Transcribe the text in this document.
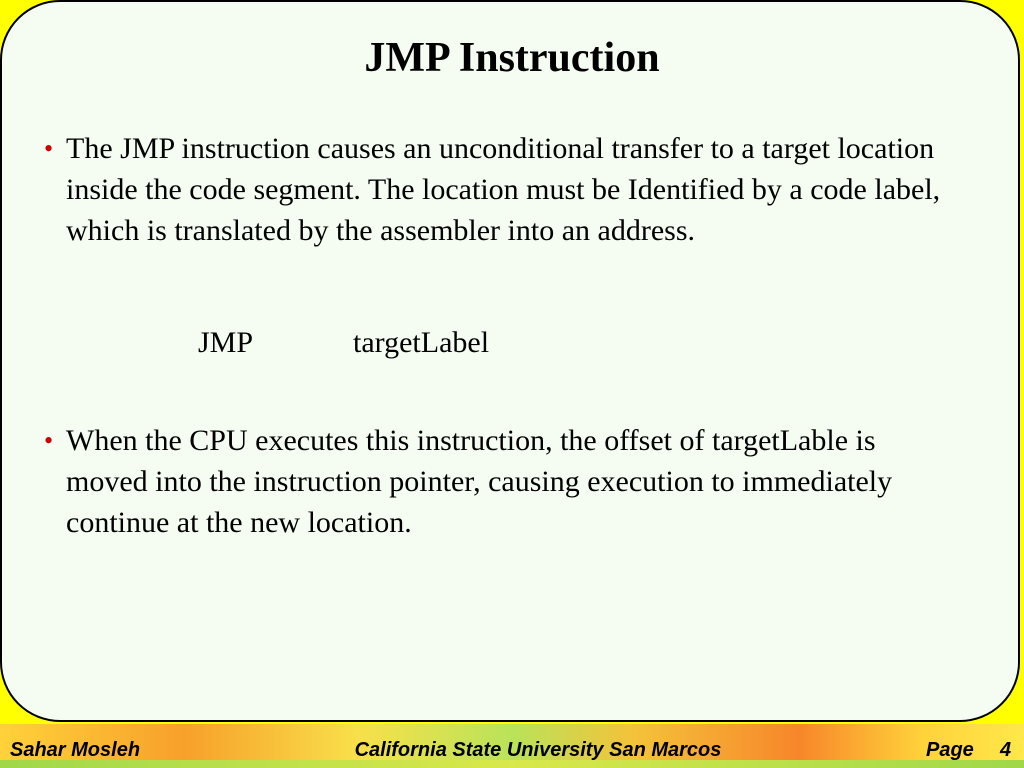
JMP Instruction
• The JMP instruction causes an unconditional transfer to a target location inside the code segment. The location must be Identified by a code label, which is translated by the assembler into an address.
JMP	targetLabel
• When the CPU executes this instruction, the offset of targetLable is moved into the instruction pointer, causing execution to immediately continue at the new location.
Sahar Mosleh	California State University San Marcos	Page 4
